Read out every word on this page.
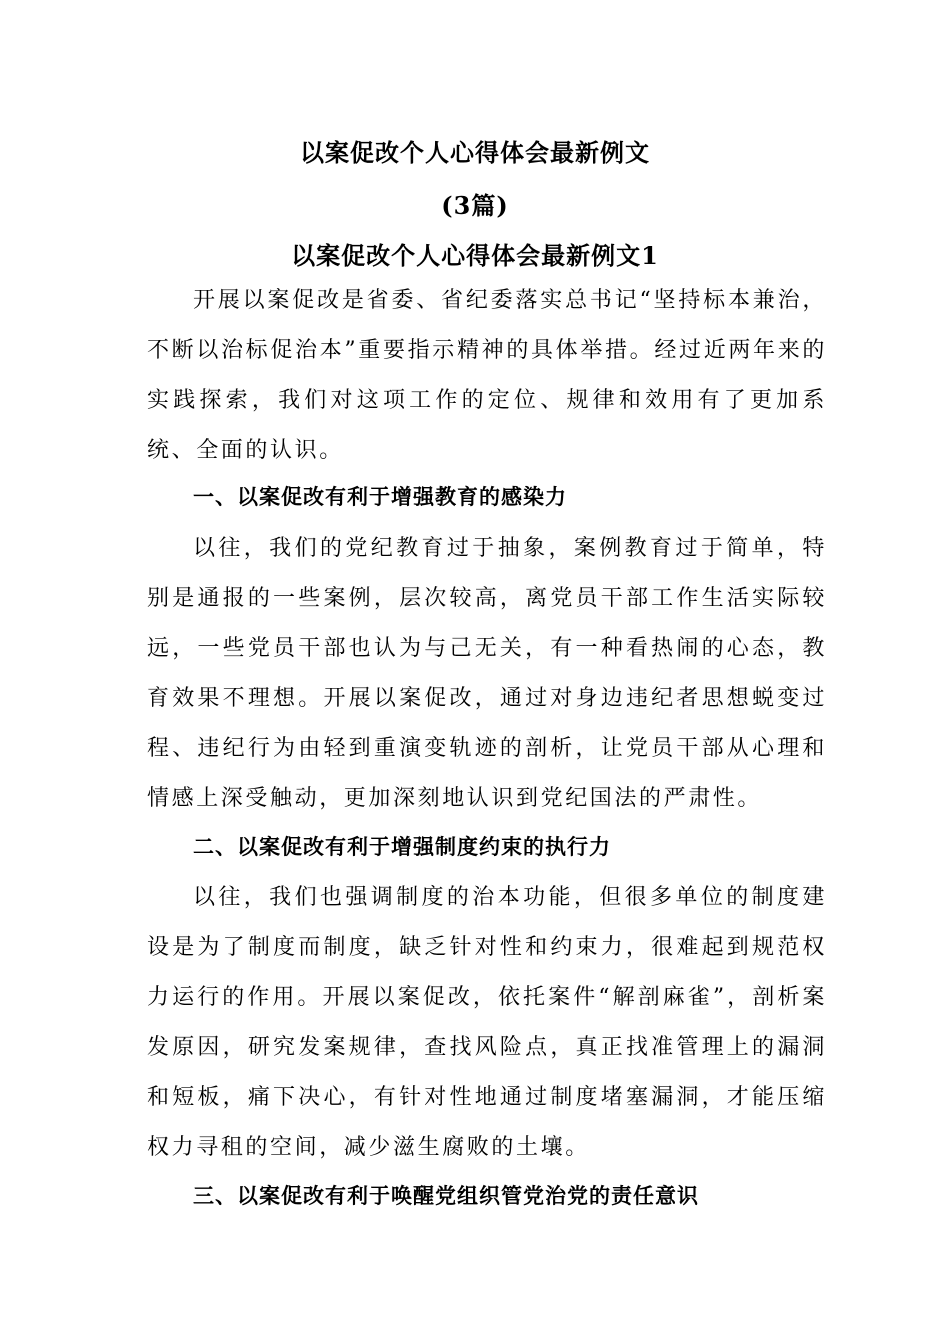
以案促改个人心得体会最新例文
(3篇)
以案促改个人心得体会最新例文1

开展以案促改是省委、省纪委落实总书记“坚持标本兼治，不断以治标促治本”重要指示精神的具体举措。经过近两年来的实践探索，我们对这项工作的定位、规律和效用有了更加系统、全面的认识。

一、以案促改有利于增强教育的感染力

以往，我们的党纪教育过于抽象，案例教育过于简单，特别是通报的一些案例，层次较高，离党员干部工作生活实际较远，一些党员干部也认为与己无关，有一种看热闹的心态，教育效果不理想。开展以案促改，通过对身边违纪者思想蜕变过程、违纪行为由轻到重演变轨迹的剖析，让党员干部从心理和情感上深受触动，更加深刻地认识到党纪国法的严肃性。

二、以案促改有利于增强制度约束的执行力

以往，我们也强调制度的治本功能，但很多单位的制度建设是为了制度而制度，缺乏针对性和约束力，很难起到规范权力运行的作用。开展以案促改，依托案件“解剖麻雀”，剖析案发原因，研究发案规律，查找风险点，真正找准管理上的漏洞和短板，痛下决心，有针对性地通过制度堵塞漏洞，才能压缩权力寻租的空间，减少滋生腐败的土壤。

三、以案促改有利于唤醒党组织管党治党的责任意识
